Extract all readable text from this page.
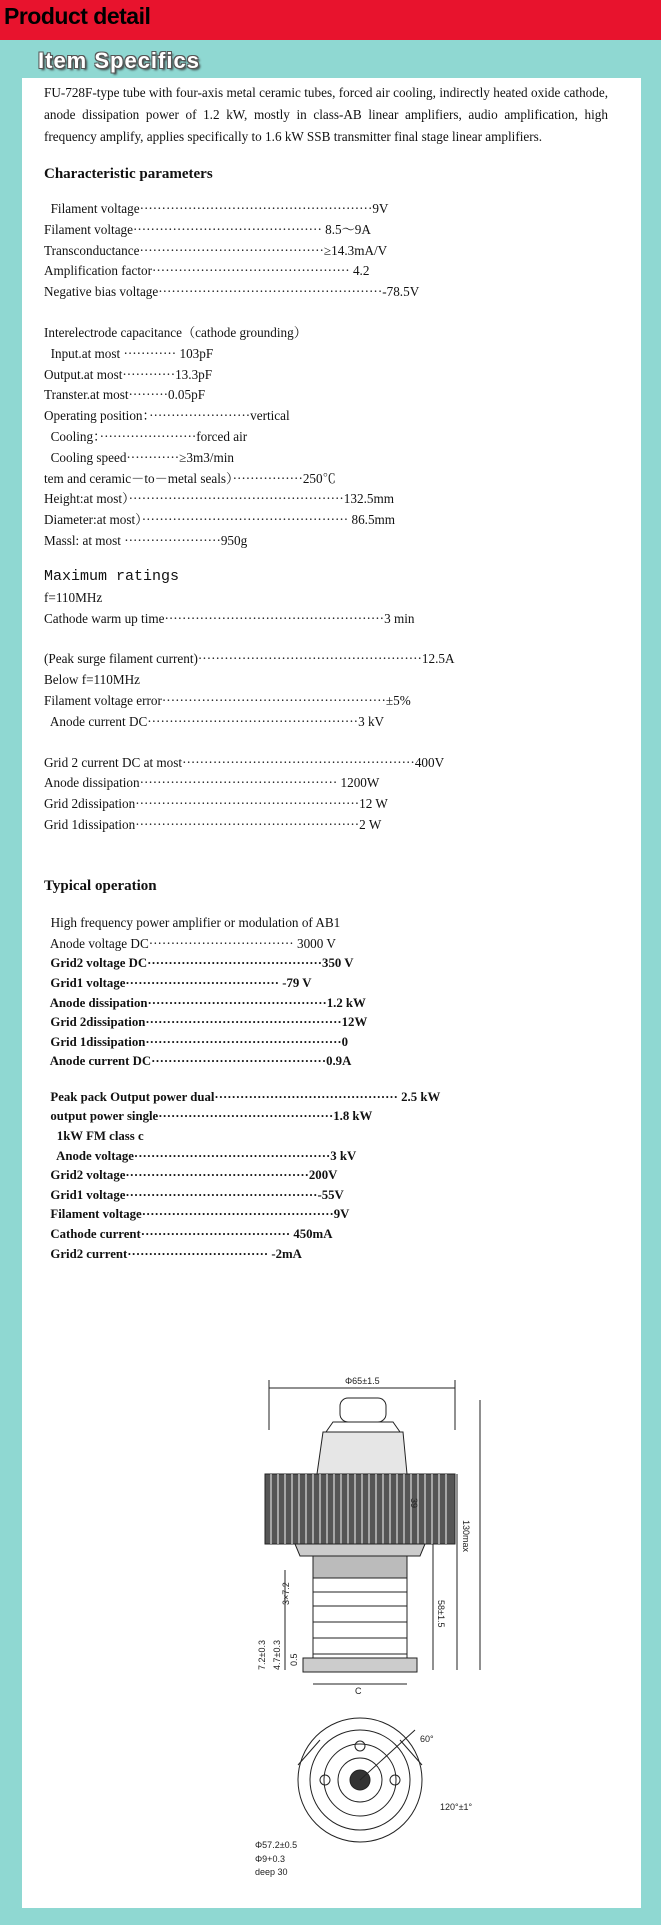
Product detail
Item Specifics

FU-728F-type tube with four-axis metal ceramic tubes, forced air cooling, indirectly heated oxide cathode, anode dissipation power of 1.2 kW, mostly in class-AB linear amplifiers, audio amplification, high frequency amplify, applies specifically to 1.6 kW SSB transmitter final stage linear amplifiers.

Characteristic parameters
Filament voltage·····················································9V
Filament voltage··········································· 8.5～9A
Transconductance··········································≥14.3mA/V
Amplification factor············································· 4.2
Negative bias voltage···················································-78.5V
Interelectrode capacitance（cathode grounding）
Input.at most ············ 103pF
Output.at most············13.3pF
Transter.at most·········0.05pF
Operating position：·······················vertical
Cooling：······················forced air
Cooling speed············≥3m3/min
tem and ceramic－to－metal seals）················250℃
Height:at most）·················································132.5mm
Diameter:at most）··············································· 86.5mm
Massl: at most ······················950g
Maximum ratings
f=110MHz
Cathode warm up time··················································3 min
(Peak surge filament current)···················································12.5A
Below f=110MHz
Filament voltage error···················································±5%
Anode current DC················································3 kV
Grid 2 current DC at most·····················································400V
Anode dissipation············································· 1200W
Grid 2dissipation···················································12 W
Grid 1dissipation···················································2 W
Typical operation
High frequency power amplifier or modulation of AB1
Anode voltage DC································· 3000 V
Grid2 voltage DC·········································350 V
Grid1 voltage···································· -79 V
Anode dissipation··········································1.2 kW
Grid 2dissipation··············································12W
Grid 1dissipation··············································0
Anode current DC·········································0.9A
Peak pack Output power dual··········································· 2.5 kW
output power single·········································1.8 kW
1kW FM class c
Anode voltage··············································3 kV
Grid2 voltage···········································200V
Grid1 voltage·············································-55V
Filament voltage·············································9V
Cathode current··································· 450mA
Grid2 current································· -2mA
Φ65±1.5
130max
58±1.5
39
3×7.2
7.2±0.3 4.7±0.3 0.5
C
60°
120°±1°
Φ57.2±0.5
Φ9+0.3
deep 30
